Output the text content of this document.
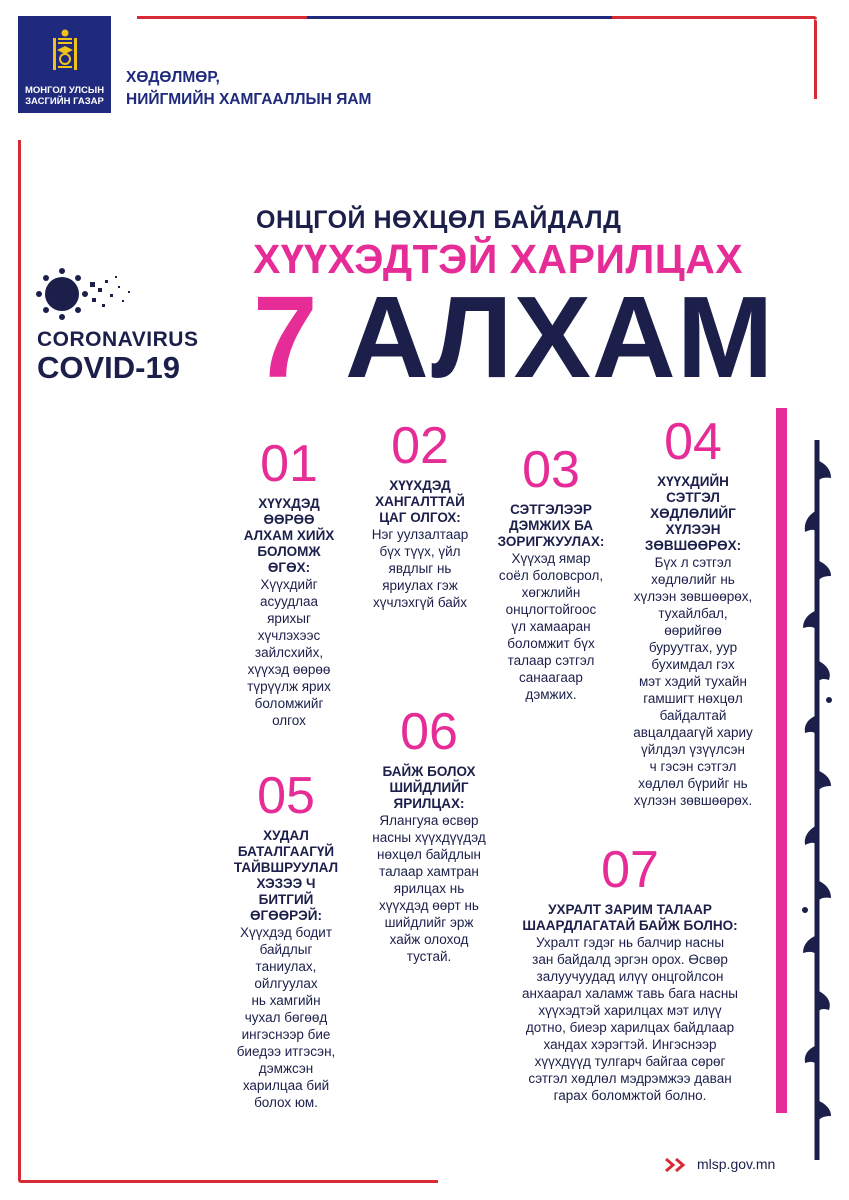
МОНГОЛ УЛСЫН
ЗАСГИЙН ГАЗАР
ХӨДӨЛМӨР,
НИЙГМИЙН ХАМГААЛЛЫН ЯАМ
CORONAVIRUS
COVID-19
ОНЦГОЙ НӨХЦӨЛ БАЙДАЛД
ХҮҮХЭДТЭЙ ХАРИЛЦАХ
7 АЛХАМ
01
ХҮҮХДЭД
ӨӨРӨӨ
АЛХАМ ХИЙХ
БОЛОМЖ
ӨГӨХ:
Хүүхдийг
асуудлаа
ярихыг
хүчлэхээс
зайлсхийх,
хүүхэд өөрөө
түрүүлж ярих
боломжийг
олгох
02
ХҮҮХДЭД
ХАНГАЛТТАЙ
ЦАГ ОЛГОХ:
Нэг уулзалтаар
бүх түүх, үйл
явдлыг нь
яриулах гэж
хүчлэхгүй байх
03
СЭТГЭЛЭЭР
ДЭМЖИХ БА
ЗОРИГЖУУЛАХ:
Хүүхэд ямар
соёл боловсрол,
хөгжлийн
онцлогтойгоос
үл хамааран
боломжит бүх
талаар сэтгэл
санаагаар
дэмжих.
04
ХҮҮХДИЙН
СЭТГЭЛ
ХӨДЛӨЛИЙГ
ХҮЛЭЭН
ЗӨВШӨӨРӨХ:
Бүх л сэтгэл
хөдлөлийг нь
хүлээн зөвшөөрөх,
тухайлбал,
өөрийгөө
буруутгах, уур
бухимдал гэх
мэт хэдий тухайн
гамшигт нөхцөл
байдалтай
авцалдаагүй хариу
үйлдэл үзүүлсэн
ч гэсэн сэтгэл
хөдлөл бүрийг нь
хүлээн зөвшөөрөх.
05
ХУДАЛ
БАТАЛГААГҮЙ
ТАЙВШРУУЛАЛ
ХЭЗЭЭ Ч
БИТГИЙ
ӨГӨӨРЭЙ:
Хүүхдэд бодит
байдлыг
таниулах,
ойлгуулах
нь хамгийн
чухал бөгөөд
ингэснээр бие
биедээ итгэсэн,
дэмжсэн
харилцаа бий
болох юм.
06
БАЙЖ БОЛОХ
ШИЙДЛИЙГ
ЯРИЛЦАХ:
Ялангуяа өсвөр
насны хүүхдүүдэд
нөхцөл байдлын
талаар хамтран
ярилцах нь
хүүхдэд өөрт нь
шийдлийг эрж
хайж олоход
тустай.
07
УХРАЛТ ЗАРИМ ТАЛААР
ШААРДЛАГАТАЙ БАЙЖ БОЛНО:
Ухралт гэдэг нь балчир насны
зан байдалд эргэн орох. Өсвөр
залуучуудад илүү онцгойлсон
анхаарал халамж тавь бага насны
хүүхэдтэй харилцах мэт илүү
дотно, биеэр харилцах байдлаар
хандах хэрэгтэй. Ингэснээр
хүүхдүүд тулгарч байгаа сөрөг
сэтгэл хөдлөл мэдрэмжээ даван
гарах боломжтой болно.
mlsp.gov.mn
